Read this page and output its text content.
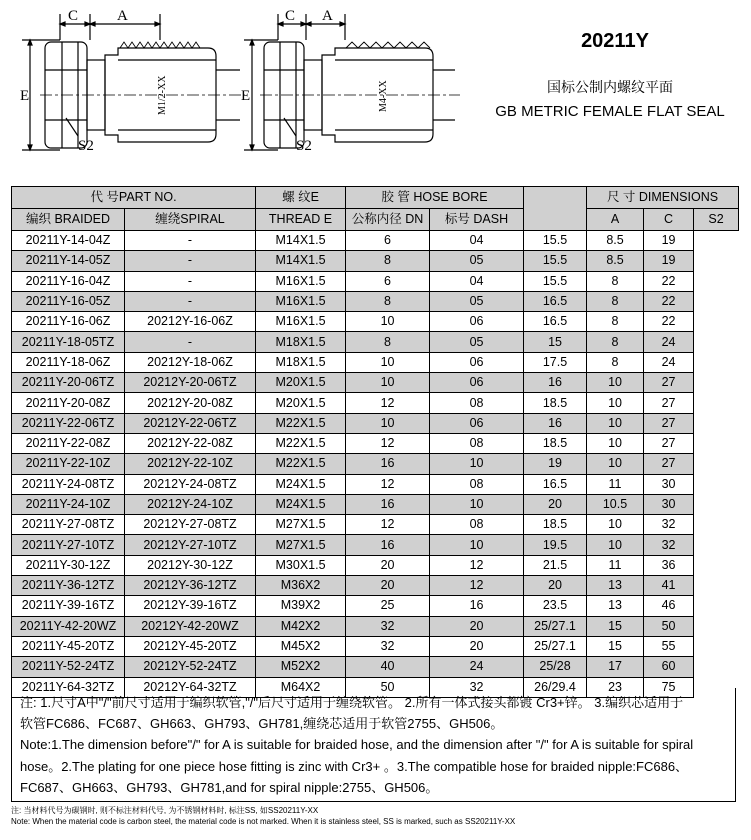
C	A
E
S2
C A
E
S2
M1/2-XX	M4-XX
20211Y
国标公制内螺纹平面
GB METRIC FEMALE FLAT SEAL
代 号PART NO.		螺 纹E	胶 管 HOSE BORE			尺 寸 DIMENSIONS		
编织 BRAIDED	缠绕SPIRAL	THREAD E	公称内径 DN	标号 DASH		A	C	S2
20211Y-14-04Z	-	M14X1.5	6	04	15.5	8.5	19	
20211Y-14-05Z	-	M14X1.5	8	05	15.5	8.5	19	
20211Y-16-04Z	-	M16X1.5	6	04	15.5	8	22	
20211Y-16-05Z	-	M16X1.5	8	05	16.5	8	22	
20211Y-16-06Z	20212Y-16-06Z	M16X1.5	10	06	16.5	8	22	
20211Y-18-05TZ	-	M18X1.5	8	05	15	8	24	
20211Y-18-06Z	20212Y-18-06Z	M18X1.5	10	06	17.5	8	24	
20211Y-20-06TZ	20212Y-20-06TZ	M20X1.5	10	06	16	10	27	
20211Y-20-08Z	20212Y-20-08Z	M20X1.5	12	08	18.5	10	27	
20211Y-22-06TZ	20212Y-22-06TZ	M22X1.5	10	06	16	10	27	
20211Y-22-08Z	20212Y-22-08Z	M22X1.5	12	08	18.5	10	27	
20211Y-22-10Z	20212Y-22-10Z	M22X1.5	16	10	19	10	27	
20211Y-24-08TZ	20212Y-24-08TZ	M24X1.5	12	08	16.5	11	30	
20211Y-24-10Z	20212Y-24-10Z	M24X1.5	16	10	20	10.5	30	
20211Y-27-08TZ	20212Y-27-08TZ	M27X1.5	12	08	18.5	10	32	
20211Y-27-10TZ	20212Y-27-10TZ	M27X1.5	16	10	19.5	10	32	
20211Y-30-12Z	20212Y-30-12Z	M30X1.5	20	12	21.5	11	36	
20211Y-36-12TZ	20212Y-36-12TZ	M36X2	20	12	20	13	41	
20211Y-39-16TZ	20212Y-39-16TZ	M39X2	25	16	23.5	13	46	
20211Y-42-20WZ	20212Y-42-20WZ	M42X2	32	20	25/27.1	15	50	
20211Y-45-20TZ	20212Y-45-20TZ	M45X2	32	20	25/27.1	15	55	
20211Y-52-24TZ	20212Y-52-24TZ	M52X2	40	24	25/28	17	60	
20211Y-64-32TZ	20212Y-64-32TZ	M64X2	50	32	26/29.4	23	75	

注: 1.尺寸A中"/"前尺寸适用于编织软管,"/"后尺寸适用于缠绕软管。 2.所有一体式接头都镀 Cr3+锌。 3.编织芯适用于

软管FC686、FC687、GH663、GH793、GH781,缠绕芯适用于软管2755、GH506。

Note:1.The dimension before"/" for A is suitable for braided hose, and the dimension after "/" for A is suitable for spiral

hose。2.The plating for one piece hose fitting is zinc with Cr3+ 。3.The compatible hose for braided nipple:FC686、

FC687、GH663、GH793、GH781,and for spiral nipple:2755、GH506。

注: 当材料代号为碳钢时, 则不标注材料代号, 为不锈钢材料时, 标注SS, 如SS20211Y-XX
Note: When the material code is carbon steel, the material code is not marked. When it is stainless steel, SS is marked, such as SS20211Y-XX
